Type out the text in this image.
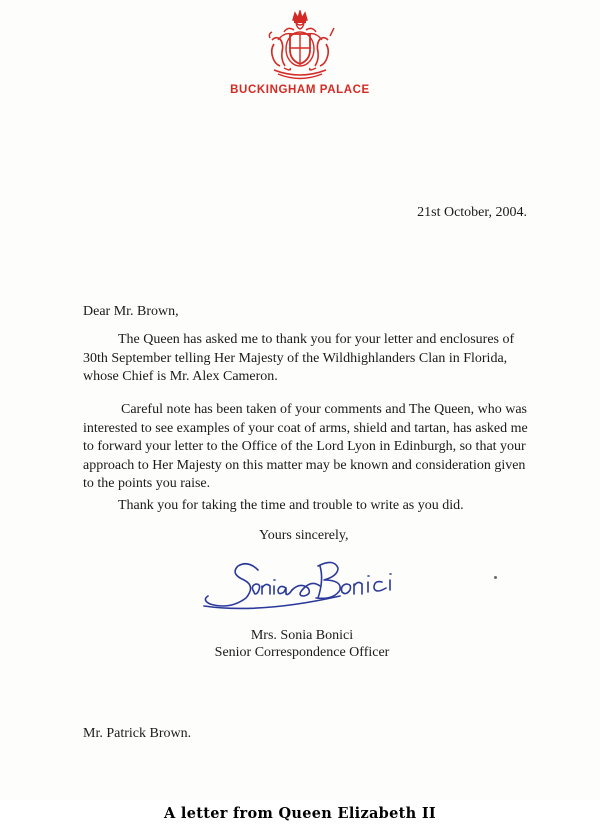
BUCKINGHAM PALACE
21st October, 2004.
Dear Mr. Brown,

The Queen has asked me to thank you for your letter and enclosures of 30th September telling Her Majesty of the Wildhighlanders Clan in Florida, whose Chief is Mr. Alex Cameron.

Careful note has been taken of your comments and The Queen, who was interested to see examples of your coat of arms, shield and tartan, has asked me to forward your letter to the Office of the Lord Lyon in Edinburgh, so that your approach to Her Majesty on this matter may be known and consideration given to the points you raise.

Thank you for taking the time and trouble to write as you did.

Yours sincerely,
Mrs. Sonia Bonici
Senior Correspondence Officer
Mr. Patrick Brown.
A letter from Queen Elizabeth II
